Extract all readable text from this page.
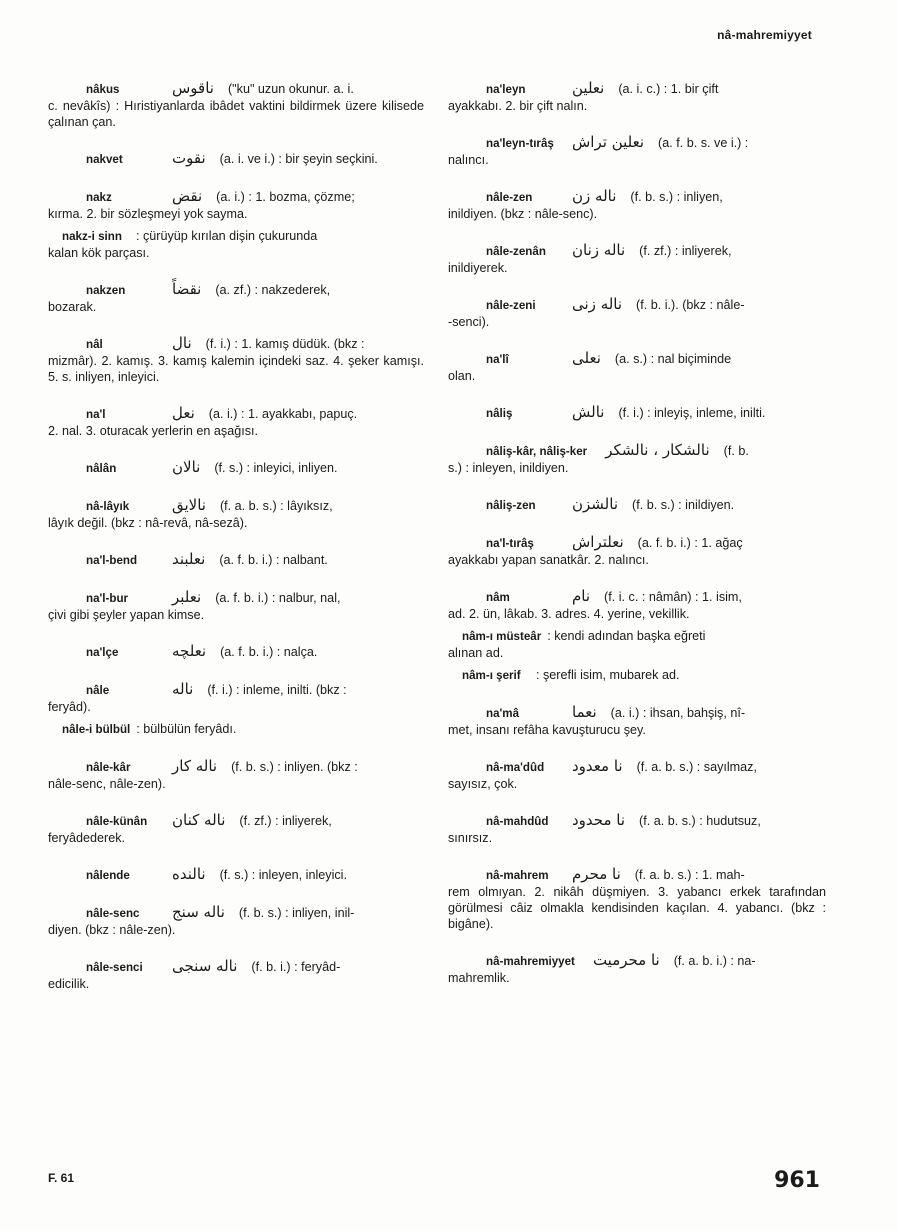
nâ-mahremiyyet
nâkus	ناقوس	("ku" uzun okunur. a. i.
c. nevâkîs) : Hıristiyanlarda ibâdet vaktini bildirmek üzere kilisede çalınan çan.
nakvet	نقوت	(a. i. ve i.) : bir şeyin seçkini.
nakz	نقض	(a. i.) : 1. bozma, çözme;
kırma. 2. bir sözleşmeyi yok sayma.
nakz-i sinn	: çürüyüp kırılan dişin çukurunda
kalan kök parçası.
nakzen	نقضاً	(a. zf.) : nakzederek,
bozarak.
nâl	نال	(f. i.) : 1. kamış düdük. (bkz :
mizmâr). 2. kamış. 3. kamış kalemin içindeki saz. 4. şeker kamışı. 5. s. inliyen, inleyici.
na'l	نعل	(a. i.) : 1. ayakkabı, papuç.
2. nal. 3. oturacak yerlerin en aşağısı.
nâlân	نالان	(f. s.) : inleyici, inliyen.
nâ-lâyık	نالايق	(f. a. b. s.) : lâyıksız,
lâyık değil. (bkz : nâ-revâ, nâ-sezâ).
na'l-bend	نعلبند	(a. f. b. i.) : nalbant.
na'l-bur	نعلبر	(a. f. b. i.) : nalbur, nal,
çivi gibi şeyler yapan kimse.
na'lçe	نعلچه	(a. f. b. i.) : nalça.
nâle	ناله	(f. i.) : inleme, inilti. (bkz :
feryâd).
nâle-i bülbül : bülbülün feryâdı.
nâle-kâr	ناله كار	(f. b. s.) : inliyen. (bkz :
nâle-senc, nâle-zen).
nâle-künân	ناله كنان	(f. zf.) : inliyerek,
feryâdederek.
nâlende	نالنده	(f. s.) : inleyen, inleyici.
nâle-senc	ناله سنج	(f. b. s.) : inliyen, inil-
diyen. (bkz : nâle-zen).
nâle-senci	ناله سنجى	(f. b. i.) : feryâd-
edicilik.
na'leyn	نعلين	(a. i. c.) : 1. bir çift
ayakkabı. 2. bir çift nalın.
na'leyn-tırâş	نعلين تراش	(a. f. b. s. ve i.) :
nalıncı.
nâle-zen	ناله زن	(f. b. s.) : inliyen,
inildiyen. (bkz : nâle-senc).
nâle-zenân	ناله زنان	(f. zf.) : inliyerek,
inildiyerek.
nâle-zeni	ناله زنى	(f. b. i.). (bkz : nâle-
-senci).
na'lî	نعلى	(a. s.) : nal biçiminde
olan.
nâliş	نالش	(f. i.) : inleyiş, inleme, inilti.
nâliş-kâr, nâliş-ker	نالشكار ، نالشكر	(f. b.
s.) : inleyen, inildiyen.
nâliş-zen	نالشزن	(f. b. s.) : inildiyen.
na'l-tırâş	نعلتراش	(a. f. b. i.) : 1. ağaç
ayakkabı yapan sanatkâr. 2. nalıncı.
nâm	نام	(f. i. c. : nâmân) : 1. isim,
ad. 2. ün, lâkab. 3. adres. 4. yerine, vekillik.
nâm-ı müsteâr : kendi adından başka eğreti
alınan ad.
nâm-ı şerif	: şerefli isim, mubarek ad.
na'mâ	نعما	(a. i.) : ihsan, bahşiş, nî-
met, insanı refâha kavuşturucu şey.
nâ-ma'dûd	نا معدود	(f. a. b. s.) : sayılmaz,
sayısız, çok.
nâ-mahdûd	نا محدود	(f. a. b. s.) : hudutsuz,
sınırsız.
nâ-mahrem	نا محرم	(f. a. b. s.) : 1. mah-
rem olmıyan. 2. nikâh düşmiyen. 3. yabancı erkek tarafından görülmesi câiz olmakla kendisinden kaçılan. 4. yabancı. (bkz : bigâne).
nâ-mahremiyyet	نا محرميت	(f. a. b. i.) : na-
mahremlik.
F. 61	961
